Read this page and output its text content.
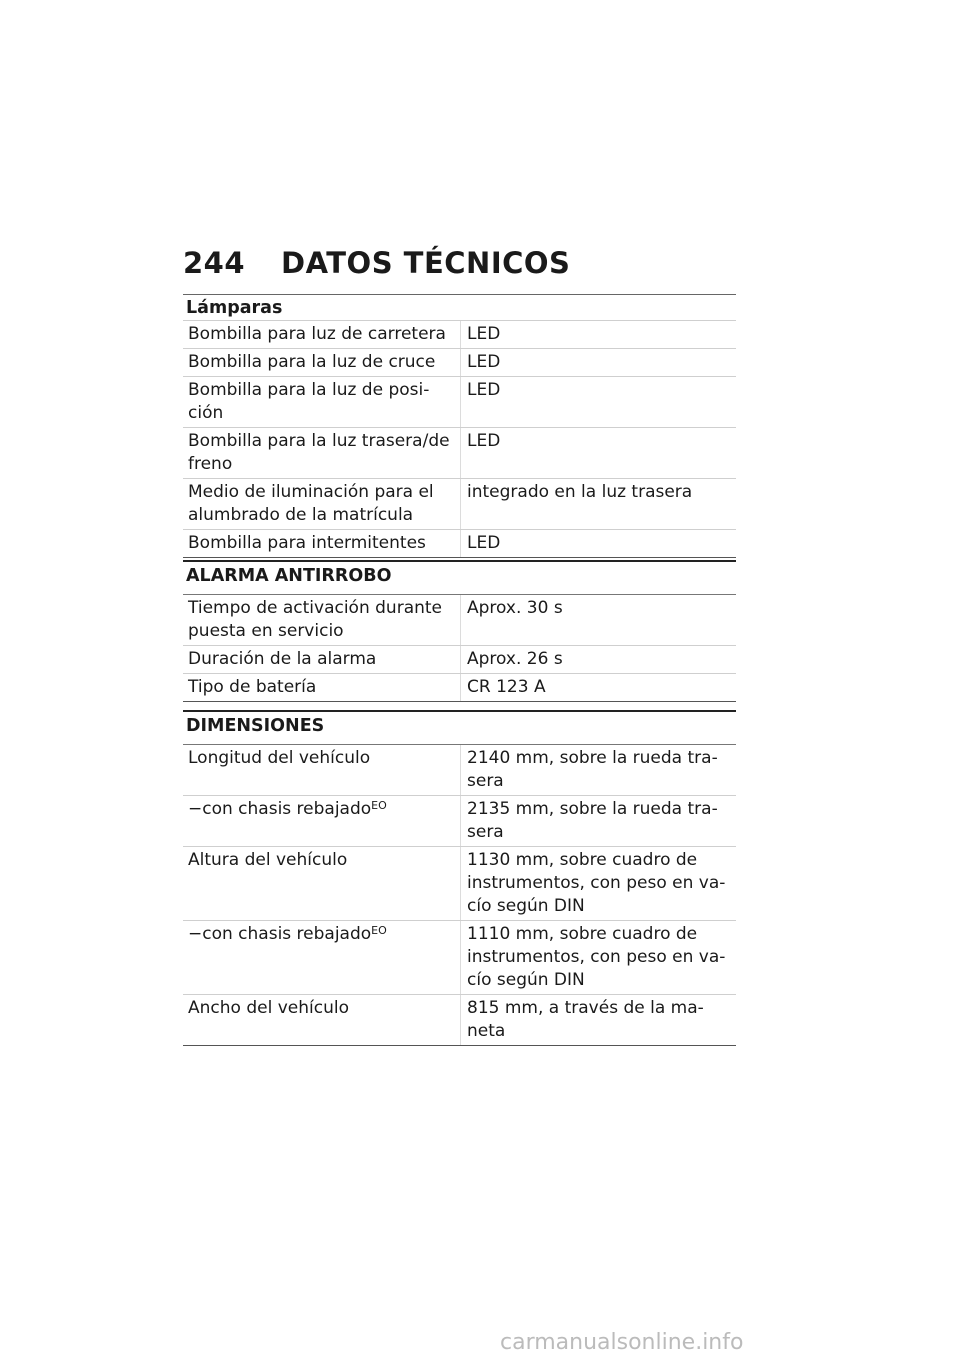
244 DATOS TÉCNICOS
Lámparas
Bombilla para luz de carretera	LED
Bombilla para la luz de cruce	LED
Bombilla para la luz de posi-ción	LED
Bombilla para la luz trasera/de freno	LED
Medio de iluminación para el alumbrado de la matrícula	integrado en la luz trasera
Bombilla para intermitentes	LED
ALARMA ANTIRROBO
Tiempo de activación durante puesta en servicio	Aprox. 30 s
Duración de la alarma	Aprox. 26 s
Tipo de batería	CR 123 A
DIMENSIONES
Longitud del vehículo	2140 mm, sobre la rueda tra-sera
−con chasis rebajado$^{EO}$	2135 mm, sobre la rueda tra-sera
Altura del vehículo	1130 mm, sobre cuadro de instrumentos, con peso en va-cío según DIN
−con chasis rebajado$^{EO}$	1110 mm, sobre cuadro de instrumentos, con peso en va-cío según DIN
Ancho del vehículo	815 mm, a través de la ma-neta
carmanualsonline.info
